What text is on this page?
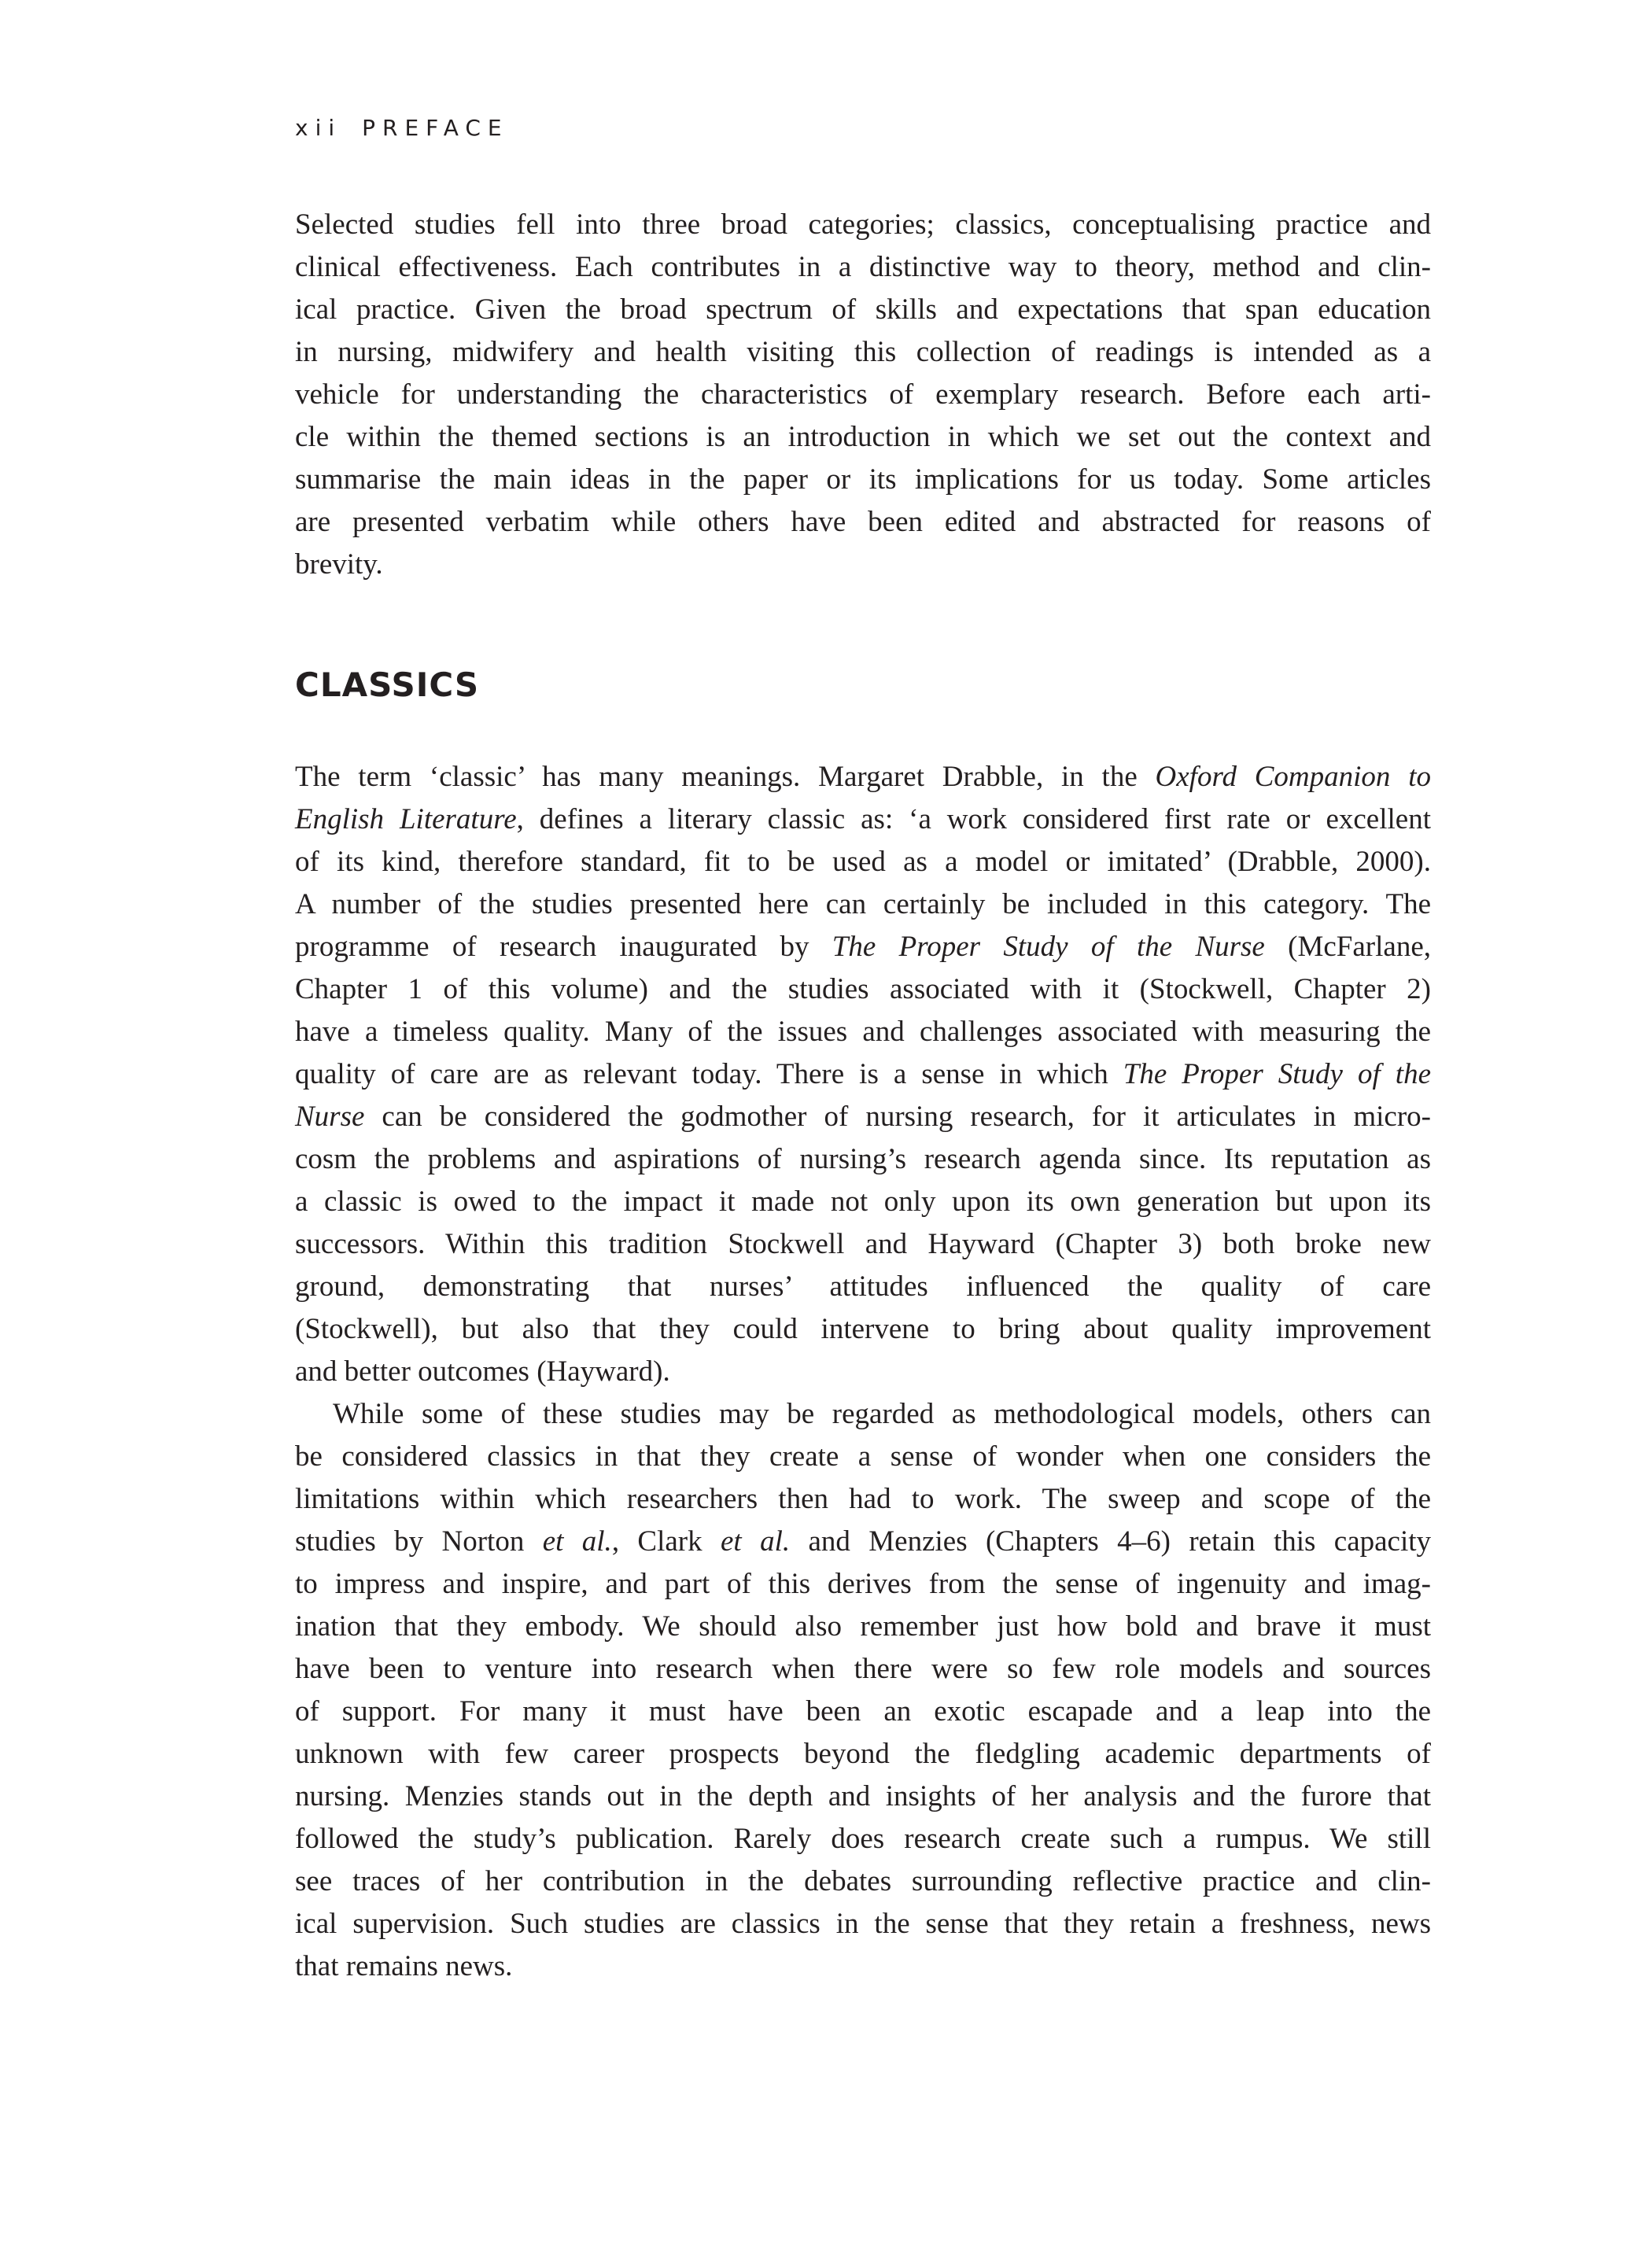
xii PREFACE
Selected studies fell into three broad categories; classics, conceptualising practice and
clinical effectiveness. Each contributes in a distinctive way to theory, method and clin-
ical practice. Given the broad spectrum of skills and expectations that span education
in nursing, midwifery and health visiting this collection of readings is intended as a
vehicle for understanding the characteristics of exemplary research. Before each arti-
cle within the themed sections is an introduction in which we set out the context and
summarise the main ideas in the paper or its implications for us today. Some articles
are presented verbatim while others have been edited and abstracted for reasons of
brevity.
CLASSICS
The term ‘classic’ has many meanings. Margaret Drabble, in the Oxford Companion to
English Literature, defines a literary classic as: ‘a work considered first rate or excellent
of its kind, therefore standard, fit to be used as a model or imitated’ (Drabble, 2000).
A number of the studies presented here can certainly be included in this category. The
programme of research inaugurated by The Proper Study of the Nurse (McFarlane,
Chapter 1 of this volume) and the studies associated with it (Stockwell, Chapter 2)
have a timeless quality. Many of the issues and challenges associated with measuring the
quality of care are as relevant today. There is a sense in which The Proper Study of the
Nurse can be considered the godmother of nursing research, for it articulates in micro-
cosm the problems and aspirations of nursing’s research agenda since. Its reputation as
a classic is owed to the impact it made not only upon its own generation but upon its
successors. Within this tradition Stockwell and Hayward (Chapter 3) both broke new
ground, demonstrating that nurses’ attitudes influenced the quality of care
(Stockwell), but also that they could intervene to bring about quality improvement
and better outcomes (Hayward).
While some of these studies may be regarded as methodological models, others can
be considered classics in that they create a sense of wonder when one considers the
limitations within which researchers then had to work. The sweep and scope of the
studies by Norton et al., Clark et al. and Menzies (Chapters 4–6) retain this capacity
to impress and inspire, and part of this derives from the sense of ingenuity and imag-
ination that they embody. We should also remember just how bold and brave it must
have been to venture into research when there were so few role models and sources
of support. For many it must have been an exotic escapade and a leap into the
unknown with few career prospects beyond the fledgling academic departments of
nursing. Menzies stands out in the depth and insights of her analysis and the furore that
followed the study’s publication. Rarely does research create such a rumpus. We still
see traces of her contribution in the debates surrounding reflective practice and clin-
ical supervision. Such studies are classics in the sense that they retain a freshness, news
that remains news.
